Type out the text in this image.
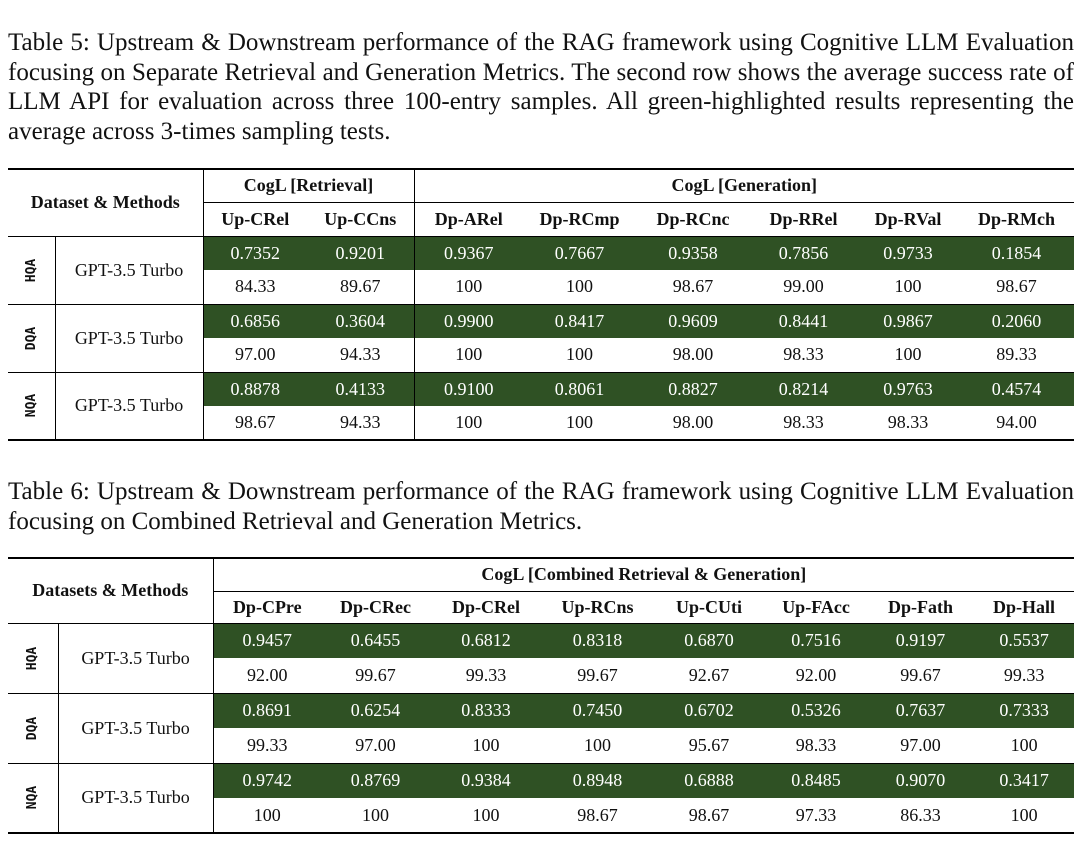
Table 5: Upstream & Downstream performance of the RAG framework using Cognitive LLM Evaluation focusing on Separate Retrieval and Generation Metrics. The second row shows the average success rate of LLM API for evaluation across three 100-entry samples. All green-highlighted results representing the average across 3-times sampling tests.

Dataset & Methods		CogL [Retrieval]		CogL [Generation]					
		Up-CRel	Up-CCns	Dp-ARel	Dp-RCmp	Dp-RCnc	Dp-RRel	Dp-RVal	Dp-RMch
HQA	GPT-3.5 Turbo	0.7352	0.9201	0.9367	0.7667	0.9358	0.7856	0.9733	0.1854
		84.33	89.67	100	100	98.67	99.00	100	98.67
DQA	GPT-3.5 Turbo	0.6856	0.3604	0.9900	0.8417	0.9609	0.8441	0.9867	0.2060
		97.00	94.33	100	100	98.00	98.33	100	89.33
NQA	GPT-3.5 Turbo	0.8878	0.4133	0.9100	0.8061	0.8827	0.8214	0.9763	0.4574
		98.67	94.33	100	100	98.00	98.33	98.33	94.00

Table 6: Upstream & Downstream performance of the RAG framework using Cognitive LLM Evaluation focusing on Combined Retrieval and Generation Metrics.

Datasets & Methods		CogL [Combined Retrieval & Generation]							
		Dp-CPre	Dp-CRec	Dp-CRel	Up-RCns	Up-CUti	Up-FAcc	Dp-Fath	Dp-Hall
HQA	GPT-3.5 Turbo	0.9457	0.6455	0.6812	0.8318	0.6870	0.7516	0.9197	0.5537
		92.00	99.67	99.33	99.67	92.67	92.00	99.67	99.33
DQA	GPT-3.5 Turbo	0.8691	0.6254	0.8333	0.7450	0.6702	0.5326	0.7637	0.7333
		99.33	97.00	100	100	95.67	98.33	97.00	100
NQA	GPT-3.5 Turbo	0.9742	0.8769	0.9384	0.8948	0.6888	0.8485	0.9070	0.3417
		100	100	100	98.67	98.67	97.33	86.33	100
